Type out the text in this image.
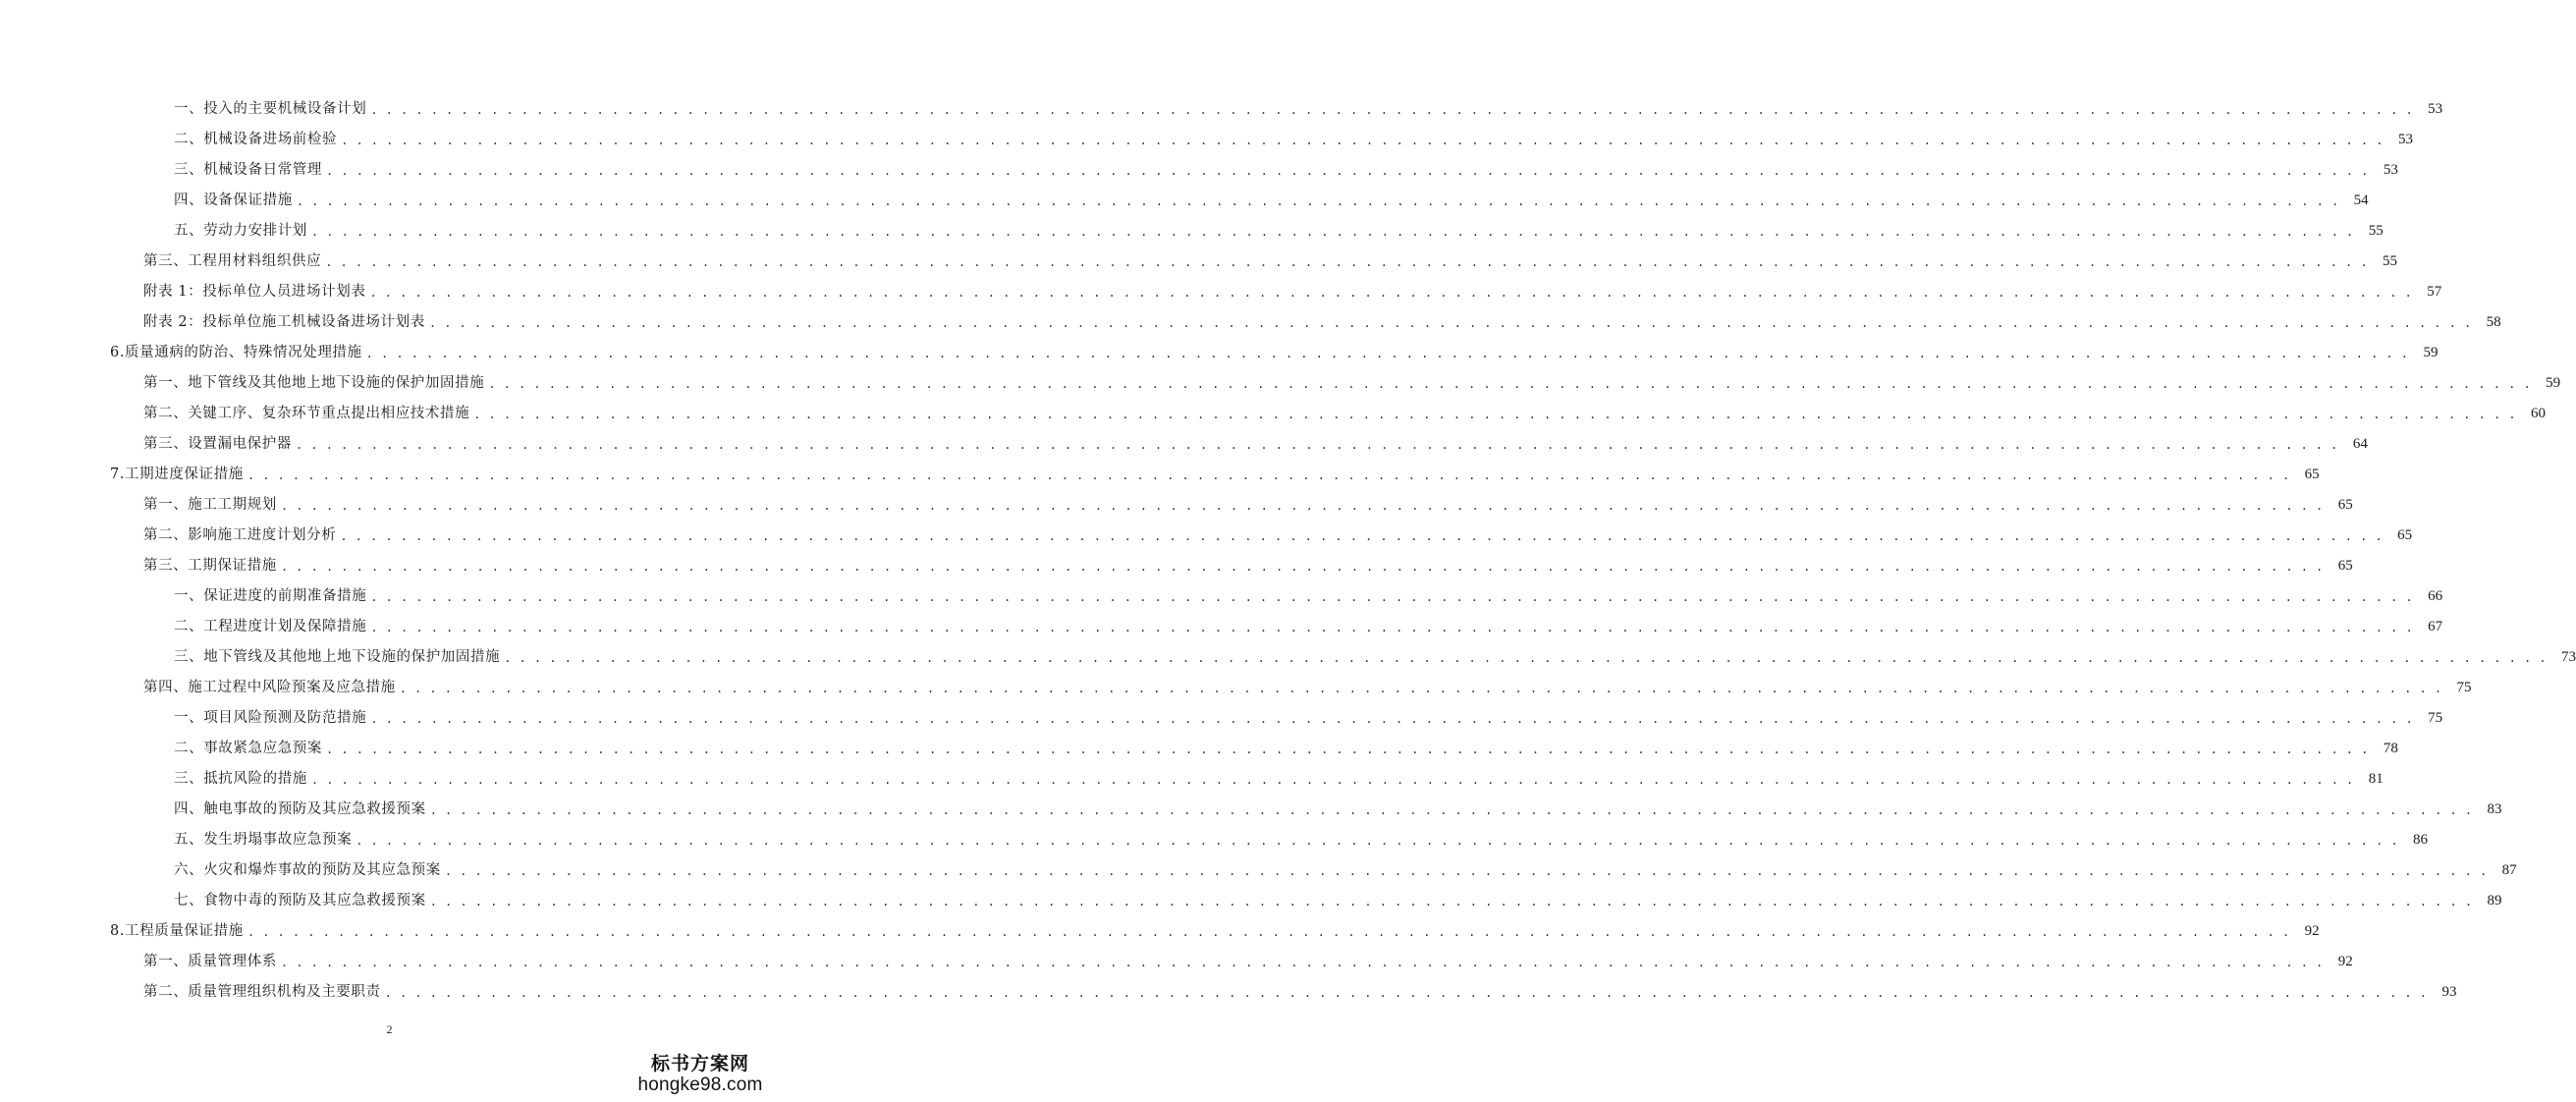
一、投入的主要机械设备计划 . . . . . . . . . . . . . . . . . . . . . . . . . . . . . . . . . . . . . . . . . . . . . . . . . . . . . . . . . . . . . . . . . . . . . . . . . . . . . . . . . . . . . . . . . . . . . . . . . . . . . . . . . . . . . . . . . . . . . . . . . . . . . . . . . . . . . . . .	53
二、机械设备进场前检验 . . . . . . . . . . . . . . . . . . . . . . . . . . . . . . . . . . . . . . . . . . . . . . . . . . . . . . . . . . . . . . . . . . . . . . . . . . . . . . . . . . . . . . . . . . . . . . . . . . . . . . . . . . . . . . . . . . . . . . . . . . . . . . . . . . . . . . . .	53
三、机械设备日常管理 . . . . . . . . . . . . . . . . . . . . . . . . . . . . . . . . . . . . . . . . . . . . . . . . . . . . . . . . . . . . . . . . . . . . . . . . . . . . . . . . . . . . . . . . . . . . . . . . . . . . . . . . . . . . . . . . . . . . . . . . . . . . . . . . . . . . . . . .	53
四、设备保证措施 . . . . . . . . . . . . . . . . . . . . . . . . . . . . . . . . . . . . . . . . . . . . . . . . . . . . . . . . . . . . . . . . . . . . . . . . . . . . . . . . . . . . . . . . . . . . . . . . . . . . . . . . . . . . . . . . . . . . . . . . . . . . . . . . . . . . . . . .	54
五、劳动力安排计划 . . . . . . . . . . . . . . . . . . . . . . . . . . . . . . . . . . . . . . . . . . . . . . . . . . . . . . . . . . . . . . . . . . . . . . . . . . . . . . . . . . . . . . . . . . . . . . . . . . . . . . . . . . . . . . . . . . . . . . . . . . . . . . . . . . . . . . . .	55
第三、工程用材料组织供应 . . . . . . . . . . . . . . . . . . . . . . . . . . . . . . . . . . . . . . . . . . . . . . . . . . . . . . . . . . . . . . . . . . . . . . . . . . . . . . . . . . . . . . . . . . . . . . . . . . . . . . . . . . . . . . . . . . . . . . . . . . . . . . . . . . . . . . . .	55
附表 1：投标单位人员进场计划表 . . . . . . . . . . . . . . . . . . . . . . . . . . . . . . . . . . . . . . . . . . . . . . . . . . . . . . . . . . . . . . . . . . . . . . . . . . . . . . . . . . . . . . . . . . . . . . . . . . . . . . . . . . . . . . . . . . . . . . . . . . . . . . . . . . . . . . . .	57
附表 2：投标单位施工机械设备进场计划表 . . . . . . . . . . . . . . . . . . . . . . . . . . . . . . . . . . . . . . . . . . . . . . . . . . . . . . . . . . . . . . . . . . . . . . . . . . . . . . . . . . . . . . . . . . . . . . . . . . . . . . . . . . . . . . . . . . . . . . . . . . . . . . . . . . . . . . . .	58
6.质量通病的防治、特殊情况处理措施 . . . . . . . . . . . . . . . . . . . . . . . . . . . . . . . . . . . . . . . . . . . . . . . . . . . . . . . . . . . . . . . . . . . . . . . . . . . . . . . . . . . . . . . . . . . . . . . . . . . . . . . . . . . . . . . . . . . . . . . . . . . . . . . . . . . . . . . .	59
第一、地下管线及其他地上地下设施的保护加固措施 . . . . . . . . . . . . . . . . . . . . . . . . . . . . . . . . . . . . . . . . . . . . . . . . . . . . . . . . . . . . . . . . . . . . . . . . . . . . . . . . . . . . . . . . . . . . . . . . . . . . . . . . . . . . . . . . . . . . . . . . . . . . . . . . . . . . . . . .	59
第二、关键工序、复杂环节重点提出相应技术措施 . . . . . . . . . . . . . . . . . . . . . . . . . . . . . . . . . . . . . . . . . . . . . . . . . . . . . . . . . . . . . . . . . . . . . . . . . . . . . . . . . . . . . . . . . . . . . . . . . . . . . . . . . . . . . . . . . . . . . . . . . . . . . . . . . . . . . . . .	60
第三、设置漏电保护器 . . . . . . . . . . . . . . . . . . . . . . . . . . . . . . . . . . . . . . . . . . . . . . . . . . . . . . . . . . . . . . . . . . . . . . . . . . . . . . . . . . . . . . . . . . . . . . . . . . . . . . . . . . . . . . . . . . . . . . . . . . . . . . . . . . . . . . . .	64
7.工期进度保证措施 . . . . . . . . . . . . . . . . . . . . . . . . . . . . . . . . . . . . . . . . . . . . . . . . . . . . . . . . . . . . . . . . . . . . . . . . . . . . . . . . . . . . . . . . . . . . . . . . . . . . . . . . . . . . . . . . . . . . . . . . . . . . . . . . . . . . . . . .	65
第一、施工工期规划 . . . . . . . . . . . . . . . . . . . . . . . . . . . . . . . . . . . . . . . . . . . . . . . . . . . . . . . . . . . . . . . . . . . . . . . . . . . . . . . . . . . . . . . . . . . . . . . . . . . . . . . . . . . . . . . . . . . . . . . . . . . . . . . . . . . . . . . .	65
第二、影响施工进度计划分析 . . . . . . . . . . . . . . . . . . . . . . . . . . . . . . . . . . . . . . . . . . . . . . . . . . . . . . . . . . . . . . . . . . . . . . . . . . . . . . . . . . . . . . . . . . . . . . . . . . . . . . . . . . . . . . . . . . . . . . . . . . . . . . . . . . . . . . . .	65
第三、工期保证措施 . . . . . . . . . . . . . . . . . . . . . . . . . . . . . . . . . . . . . . . . . . . . . . . . . . . . . . . . . . . . . . . . . . . . . . . . . . . . . . . . . . . . . . . . . . . . . . . . . . . . . . . . . . . . . . . . . . . . . . . . . . . . . . . . . . . . . . . .	65
一、保证进度的前期准备措施 . . . . . . . . . . . . . . . . . . . . . . . . . . . . . . . . . . . . . . . . . . . . . . . . . . . . . . . . . . . . . . . . . . . . . . . . . . . . . . . . . . . . . . . . . . . . . . . . . . . . . . . . . . . . . . . . . . . . . . . . . . . . . . . . . . . . . . . .	66
二、工程进度计划及保障措施 . . . . . . . . . . . . . . . . . . . . . . . . . . . . . . . . . . . . . . . . . . . . . . . . . . . . . . . . . . . . . . . . . . . . . . . . . . . . . . . . . . . . . . . . . . . . . . . . . . . . . . . . . . . . . . . . . . . . . . . . . . . . . . . . . . . . . . . .	67
三、地下管线及其他地上地下设施的保护加固措施 . . . . . . . . . . . . . . . . . . . . . . . . . . . . . . . . . . . . . . . . . . . . . . . . . . . . . . . . . . . . . . . . . . . . . . . . . . . . . . . . . . . . . . . . . . . . . . . . . . . . . . . . . . . . . . . . . . . . . . . . . . . . . . . . . . . . . . . .	73
第四、施工过程中风险预案及应急措施 . . . . . . . . . . . . . . . . . . . . . . . . . . . . . . . . . . . . . . . . . . . . . . . . . . . . . . . . . . . . . . . . . . . . . . . . . . . . . . . . . . . . . . . . . . . . . . . . . . . . . . . . . . . . . . . . . . . . . . . . . . . . . . . . . . . . . . . .	75
一、项目风险预测及防范措施 . . . . . . . . . . . . . . . . . . . . . . . . . . . . . . . . . . . . . . . . . . . . . . . . . . . . . . . . . . . . . . . . . . . . . . . . . . . . . . . . . . . . . . . . . . . . . . . . . . . . . . . . . . . . . . . . . . . . . . . . . . . . . . . . . . . . . . . .	75
二、事故紧急应急预案 . . . . . . . . . . . . . . . . . . . . . . . . . . . . . . . . . . . . . . . . . . . . . . . . . . . . . . . . . . . . . . . . . . . . . . . . . . . . . . . . . . . . . . . . . . . . . . . . . . . . . . . . . . . . . . . . . . . . . . . . . . . . . . . . . . . . . . . .	78
三、抵抗风险的措施 . . . . . . . . . . . . . . . . . . . . . . . . . . . . . . . . . . . . . . . . . . . . . . . . . . . . . . . . . . . . . . . . . . . . . . . . . . . . . . . . . . . . . . . . . . . . . . . . . . . . . . . . . . . . . . . . . . . . . . . . . . . . . . . . . . . . . . . .	81
四、触电事故的预防及其应急救援预案 . . . . . . . . . . . . . . . . . . . . . . . . . . . . . . . . . . . . . . . . . . . . . . . . . . . . . . . . . . . . . . . . . . . . . . . . . . . . . . . . . . . . . . . . . . . . . . . . . . . . . . . . . . . . . . . . . . . . . . . . . . . . . . . . . . . . . . . .	83
五、发生坍塌事故应急预案 . . . . . . . . . . . . . . . . . . . . . . . . . . . . . . . . . . . . . . . . . . . . . . . . . . . . . . . . . . . . . . . . . . . . . . . . . . . . . . . . . . . . . . . . . . . . . . . . . . . . . . . . . . . . . . . . . . . . . . . . . . . . . . . . . . . . . . . .	86
六、火灾和爆炸事故的预防及其应急预案 . . . . . . . . . . . . . . . . . . . . . . . . . . . . . . . . . . . . . . . . . . . . . . . . . . . . . . . . . . . . . . . . . . . . . . . . . . . . . . . . . . . . . . . . . . . . . . . . . . . . . . . . . . . . . . . . . . . . . . . . . . . . . . . . . . . . . . . .	87
七、食物中毒的预防及其应急救援预案 . . . . . . . . . . . . . . . . . . . . . . . . . . . . . . . . . . . . . . . . . . . . . . . . . . . . . . . . . . . . . . . . . . . . . . . . . . . . . . . . . . . . . . . . . . . . . . . . . . . . . . . . . . . . . . . . . . . . . . . . . . . . . . . . . . . . . . . .	89
8.工程质量保证措施 . . . . . . . . . . . . . . . . . . . . . . . . . . . . . . . . . . . . . . . . . . . . . . . . . . . . . . . . . . . . . . . . . . . . . . . . . . . . . . . . . . . . . . . . . . . . . . . . . . . . . . . . . . . . . . . . . . . . . . . . . . . . . . . . . . . . . . . .	92
第一、质量管理体系 . . . . . . . . . . . . . . . . . . . . . . . . . . . . . . . . . . . . . . . . . . . . . . . . . . . . . . . . . . . . . . . . . . . . . . . . . . . . . . . . . . . . . . . . . . . . . . . . . . . . . . . . . . . . . . . . . . . . . . . . . . . . . . . . . . . . . . . .	92
第二、质量管理组织机构及主要职责 . . . . . . . . . . . . . . . . . . . . . . . . . . . . . . . . . . . . . . . . . . . . . . . . . . . . . . . . . . . . . . . . . . . . . . . . . . . . . . . . . . . . . . . . . . . . . . . . . . . . . . . . . . . . . . . . . . . . . . . . . . . . . . . . . . . . . . . .	93
2
标书方案网
hongke98.com
